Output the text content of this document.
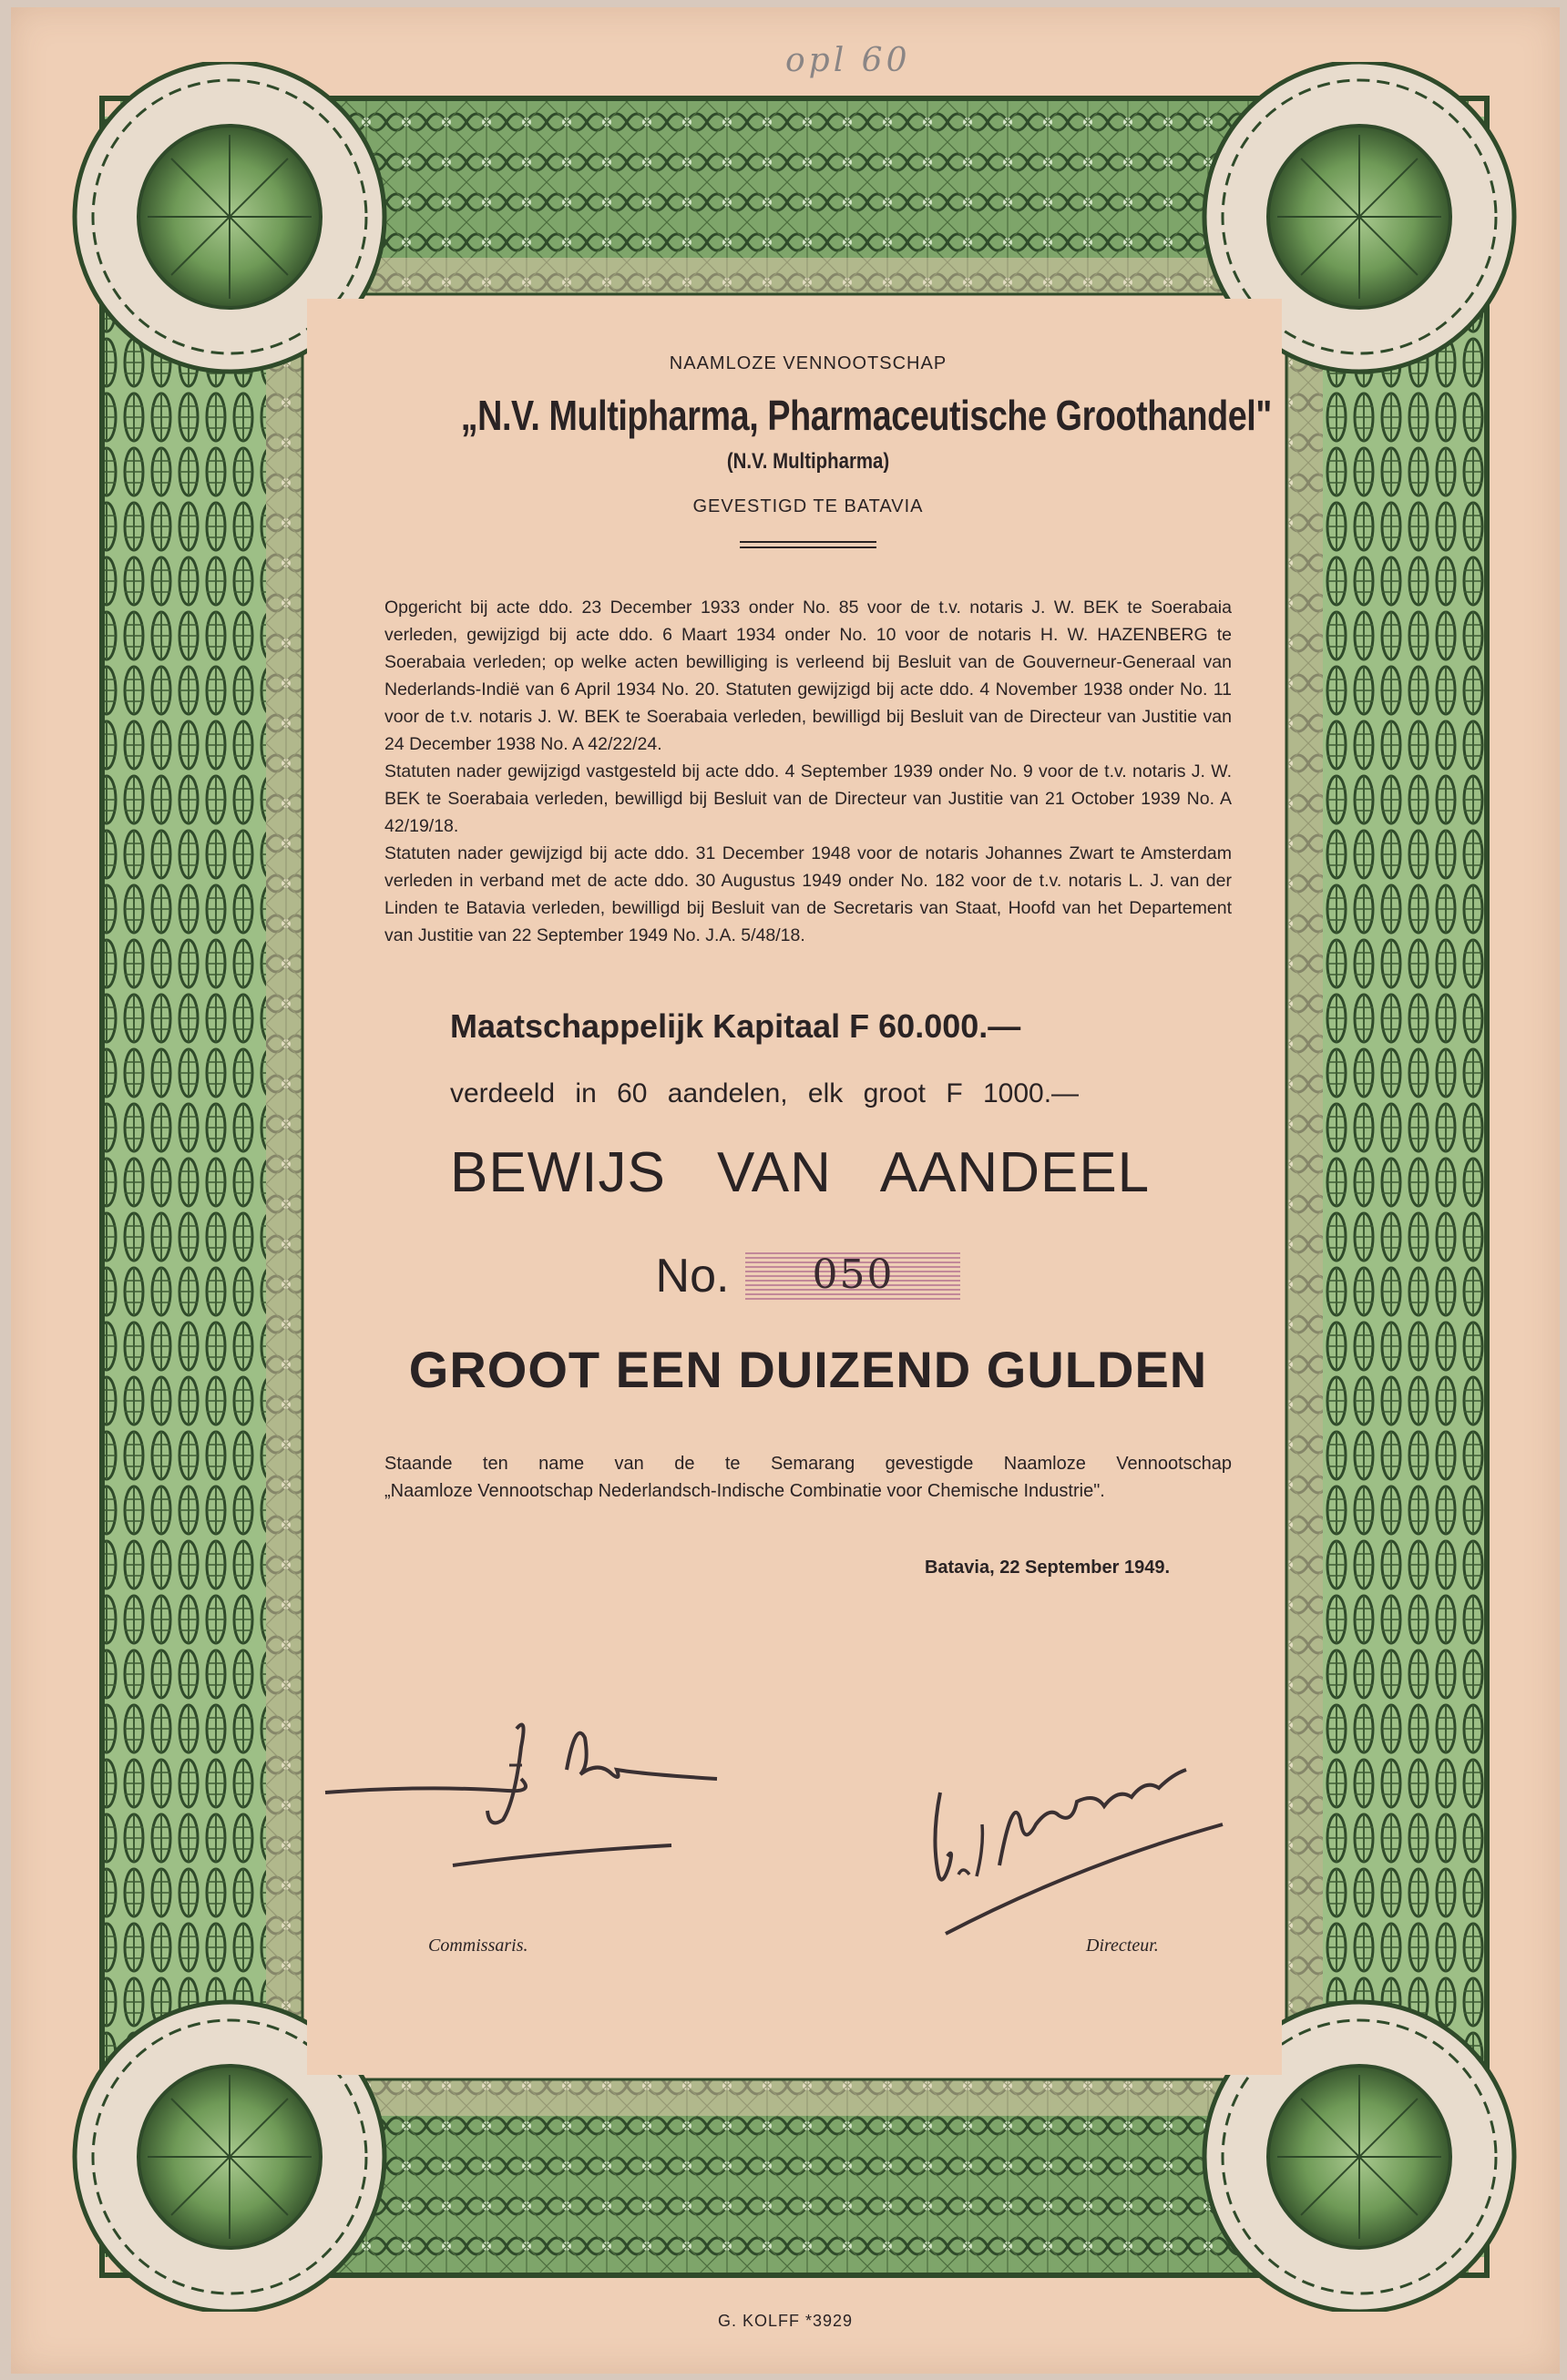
opl 60
NAAMLOZE VENNOOTSCHAP
„N.V. Multipharma, Pharmaceutische Groothandel"
(N.V. Multipharma)
GEVESTIGD TE BATAVIA

Opgericht bij acte ddo. 23 December 1933 onder No. 85 voor de t.v. notaris J. W. BEK te Soerabaia verleden, gewijzigd bij acte ddo. 6 Maart 1934 onder No. 10 voor de notaris H. W. HAZENBERG te Soerabaia verleden; op welke acten bewilliging is verleend bij Besluit van de Gouverneur-Generaal van Nederlands-Indië van 6 April 1934 No. 20. Statuten gewijzigd bij acte ddo. 4 November 1938 onder No. 11 voor de t.v. notaris J. W. BEK te Soerabaia verleden, bewilligd bij Besluit van de Directeur van Justitie van 24 December 1938 No. A 42/22/24.

Statuten nader gewijzigd vastgesteld bij acte ddo. 4 September 1939 onder No. 9 voor de t.v. notaris J. W. BEK te Soerabaia verleden, bewilligd bij Besluit van de Directeur van Justitie van 21 October 1939 No. A 42/19/18.

Statuten nader gewijzigd bij acte ddo. 31 December 1948 voor de notaris Johannes Zwart te Amsterdam verleden in verband met de acte ddo. 30 Augustus 1949 onder No. 182 voor de t.v. notaris L. J. van der Linden te Batavia verleden, bewilligd bij Besluit van de Secretaris van Staat, Hoofd van het Departement van Justitie van 22 September 1949 No. J.A. 5/48/18.

Maatschappelijk Kapitaal F 60.000.—
verdeeld in 60 aandelen, elk groot F 1000.—
BEWIJS VAN AANDEEL
No.	050
GROOT EEN DUIZEND GULDEN

Staande ten name van de te Semarang gevestigde Naamloze Vennootschap

„Naamloze Vennootschap Nederlandsch-Indische Combinatie voor Chemische Industrie".

Batavia, 22 September 1949.
Commissaris.	Directeur.
G. KOLFF *3929
